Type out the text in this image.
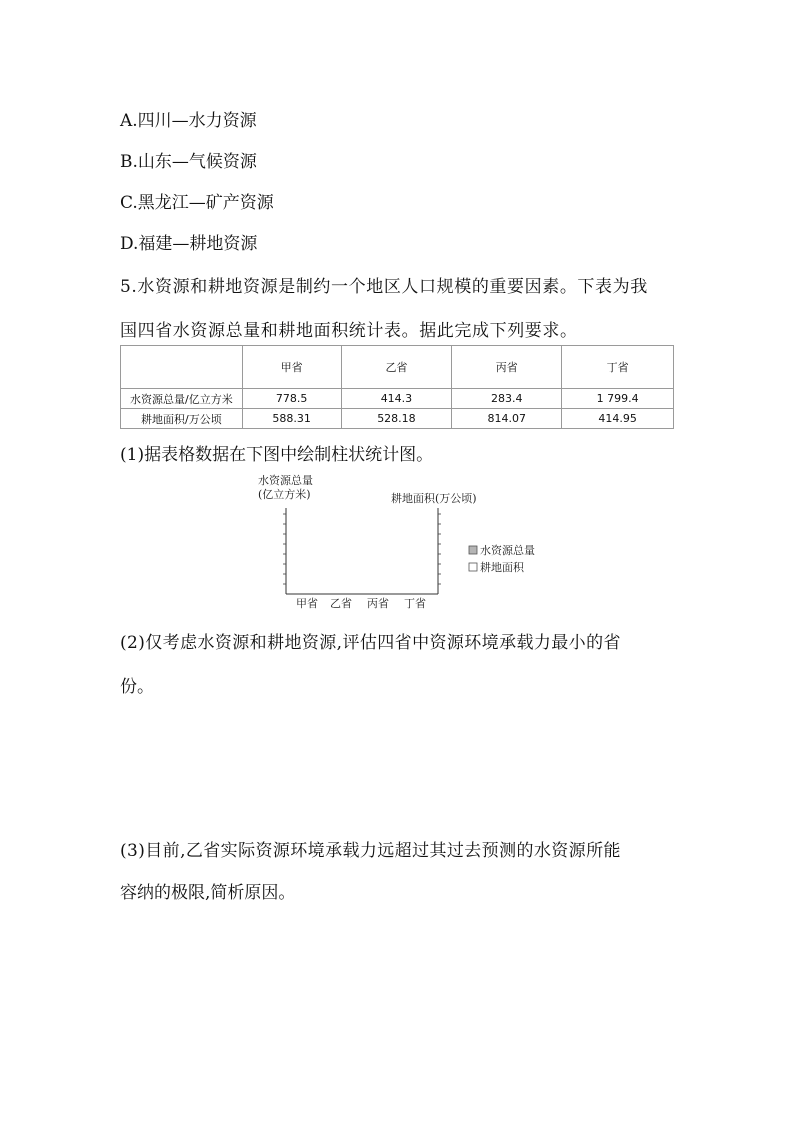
A.四川—水力资源
B.山东—气候资源
C.黑龙江—矿产资源
D.福建—耕地资源
5.水资源和耕地资源是制约一个地区人口规模的重要因素。下表为我
国四省水资源总量和耕地面积统计表。据此完成下列要求。
	甲省	乙省	丙省	丁省
水资源总量/亿立方米	778.5	414.3	283.4	1 799.4
耕地面积/万公顷	588.31	528.18	814.07	414.95
(1)据表格数据在下图中绘制柱状统计图。
水资源总量
(亿立方米)	耕地面积(万公顷)
甲省 乙省 丙省 丁省
水资源总量
耕地面积
(2)仅考虑水资源和耕地资源,评估四省中资源环境承载力最小的省
份。
(3)目前,乙省实际资源环境承载力远超过其过去预测的水资源所能
容纳的极限,简析原因。
